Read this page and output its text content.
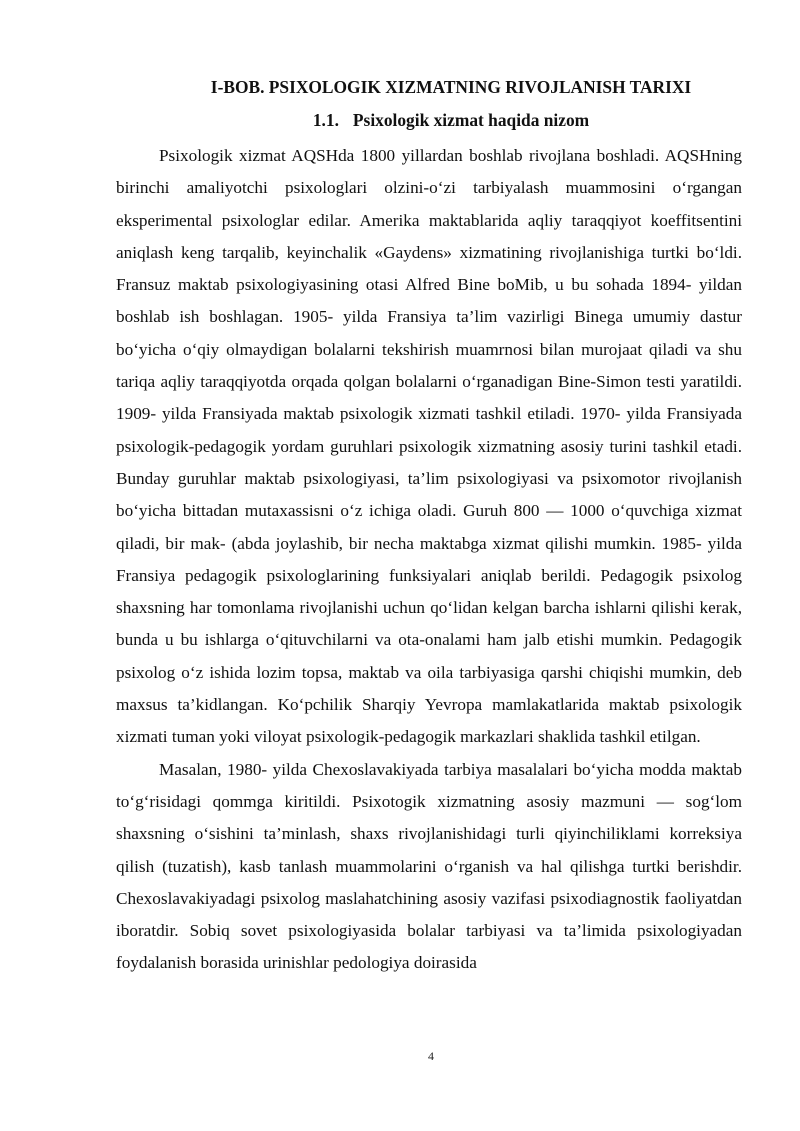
I-BOB. PSIXOLOGIK XIZMATNING RIVOJLANISH TARIXI
1.1. Psixologik xizmat haqida nizom

Psixologik xizmat AQSHda 1800 yillardan boshlab rivojlana boshladi. AQSHning birinchi amaliyotchi psixologlari olzini-oʻzi tarbiyalash muammosini oʻrgangan eksperimental psixologlar edilar. Amerika maktablarida aqliy taraqqiyot koeffitsentini aniqlash keng tarqalib, keyinchalik «Gaydens» xizmatining rivojlanishiga turtki boʻldi. Fransuz maktab psixologiyasining otasi Alfred Bine boMib, u bu sohada 1894- yildan boshlab ish boshlagan. 1905- yilda Fransiya ta’lim vazirligi Binega umumiy dastur boʻyicha oʻqiy olmaydigan bolalarni tekshirish muamrnosi bilan murojaat qiladi va shu tariqa aqliy taraqqiyotda orqada qolgan bolalarni oʻrganadigan Bine-Simon testi yaratildi. 1909- yilda Fransiyada maktab psixologik xizmati tashkil etiladi. 1970- yilda Fransiyada psixologik-pedagogik yordam guruhlari psixologik xizmatning asosiy turini tashkil etadi. Bunday guruhlar maktab psixologiyasi, ta’lim psixologiyasi va psixomotor rivojlanish boʻyicha bittadan mutaxassisni oʻz ichiga oladi. Guruh 800 — 1000 oʻquvchiga xizmat qiladi, bir mak- (abda joylashib, bir necha maktabga xizmat qilishi mumkin. 1985- yilda Fransiya pedagogik psixologlarining funksiyalari aniqlab berildi. Pedagogik psixolog shaxsning har tomonlama rivojlanishi uchun qoʻlidan kelgan barcha ishlarni qilishi kerak, bunda u bu ishlarga oʻqituvchilarni va ota-onalami ham jalb etishi mumkin. Pedagogik psixolog oʻz ishida lozim topsa, maktab va oila tarbiyasiga qarshi chiqishi mumkin, deb maxsus ta’kidlangan. Koʻpchilik Sharqiy Yevropa mamlakatlarida maktab psixologik xizmati tuman yoki viloyat psixologik-pedagogik markazlari shaklida tashkil etilgan.

Masalan, 1980- yilda Chexoslavakiyada tarbiya masalalari boʻyicha modda maktab toʻgʻrisidagi qommga kiritildi. Psixotogik xizmatning asosiy mazmuni — sogʻlom shaxsning oʻsishini ta’minlash, shaxs rivojlanishidagi turli qiyinchiliklami korreksiya qilish (tuzatish), kasb tanlash muammolarini oʻrganish va hal qilishga turtki berishdir. Chexoslavakiyadagi psixolog maslahatchining asosiy vazifasi psixodiagnostik faoliyatdan iboratdir. Sobiq sovet psixologiyasida bolalar tarbiyasi va ta’limida psixologiyadan foydalanish borasida urinishlar pedologiya doirasida

4
